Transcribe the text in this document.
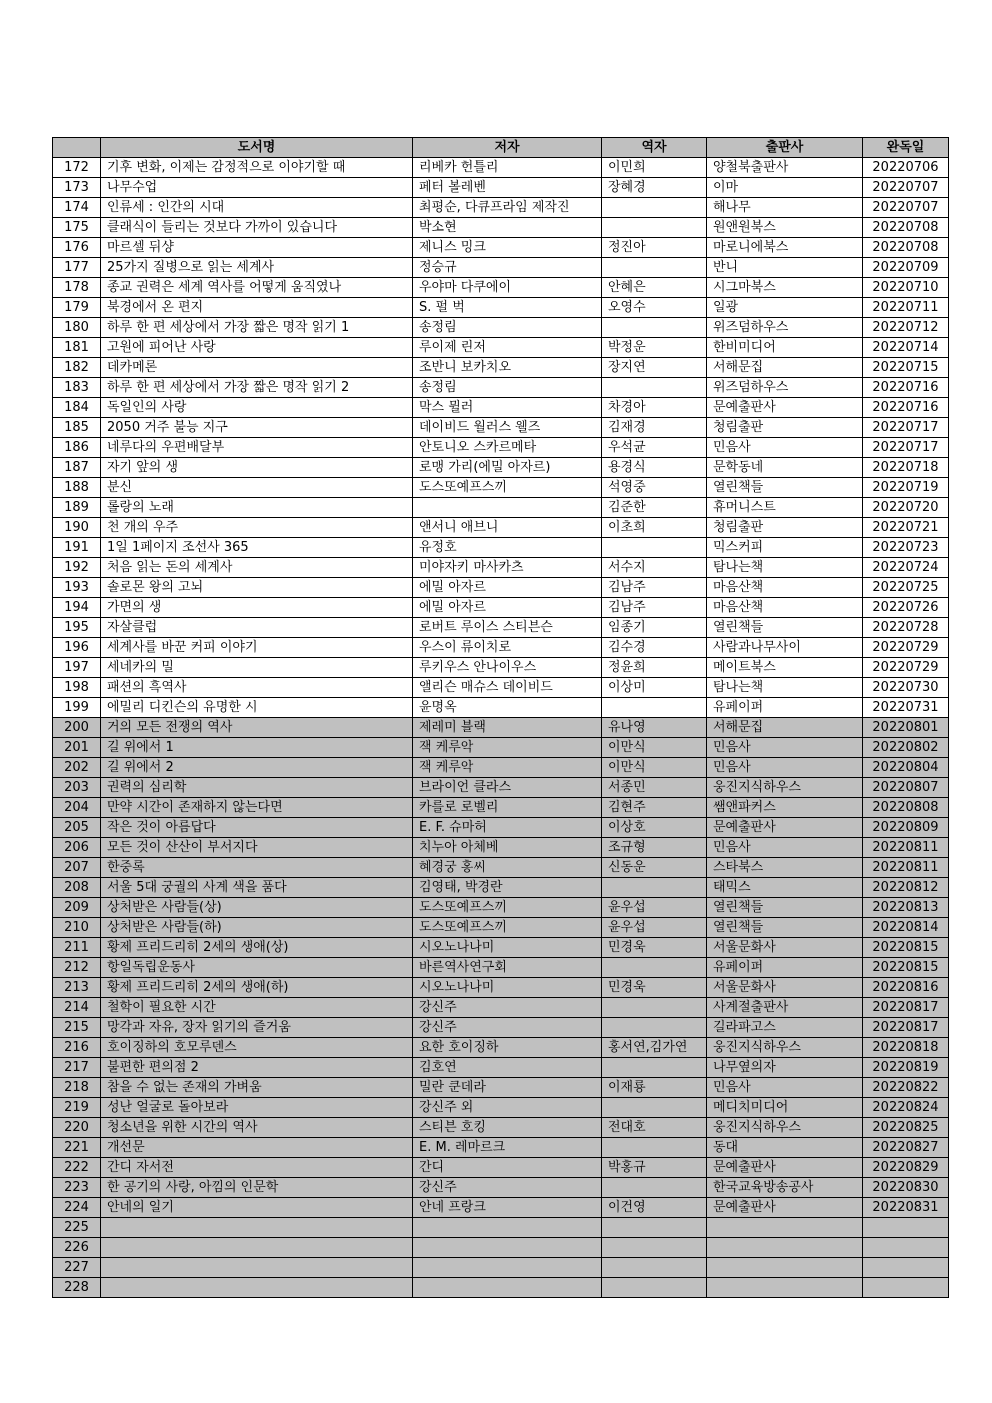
	도서명	저자	역자	출판사	완독일
172	기후 변화, 이제는 감정적으로 이야기할 때	리베카 헌틀리	이민희	양철북출판사	20220706
173	나무수업	페터 볼레벤	장혜경	이마	20220707
174	인류세 : 인간의 시대	최평순, 다큐프라임 제작진		해나무	20220707
175	클래식이 들리는 것보다 가까이 있습니다	박소현		원앤원북스	20220708
176	마르셀 뒤샹	제니스 밍크	정진아	마로니에북스	20220708
177	25가지 질병으로 읽는 세계사	정승규		반니	20220709
178	종교 권력은 세계 역사를 어떻게 움직였나	우야마 다쿠에이	안혜은	시그마북스	20220710
179	북경에서 온 편지	S. 펄 벅	오영수	일광	20220711
180	하루 한 편 세상에서 가장 짧은 명작 읽기 1	송정림		위즈덤하우스	20220712
181	고원에 피어난 사랑	루이제 린저	박정운	한비미디어	20220714
182	데카메론	조반니 보카치오	장지연	서해문집	20220715
183	하루 한 편 세상에서 가장 짧은 명작 읽기 2	송정림		위즈덤하우스	20220716
184	독일인의 사랑	막스 뮐러	차경아	문예출판사	20220716
185	2050 거주 불능 지구	데이비드 월러스 웰즈	김재경	청림출판	20220717
186	네루다의 우편배달부	안토니오 스카르메타	우석균	민음사	20220717
187	자기 앞의 생	로맹 가리(에밀 아자르)	용경식	문학동네	20220718
188	분신	도스또예프스끼	석영중	열린책들	20220719
189	롤랑의 노래		김준한	휴머니스트	20220720
190	천 개의 우주	앤서니 애브니	이초희	청림출판	20220721
191	1일 1페이지 조선사 365	유정호		믹스커피	20220723
192	처음 읽는 돈의 세계사	미야자키 마사카츠	서수지	탐나는책	20220724
193	솔로몬 왕의 고뇌	에밀 아자르	김남주	마음산책	20220725
194	가면의 생	에밀 아자르	김남주	마음산책	20220726
195	자살클럽	로버트 루이스 스티븐슨	임종기	열린책들	20220728
196	세계사를 바꾼 커피 이야기	우스이 류이치로	김수경	사람과나무사이	20220729
197	세네카의 밀	루키우스 안나이우스	정윤희	메이트북스	20220729
198	패션의 흑역사	앨리슨 매슈스 데이비드	이상미	탐나는책	20220730
199	에밀리 디킨슨의 유명한 시	윤명옥		유페이퍼	20220731
200	거의 모든 전쟁의 역사	제레미 블랙	유나영	서해문집	20220801
201	길 위에서 1	잭 케루악	이만식	민음사	20220802
202	길 위에서 2	잭 케루악	이만식	민음사	20220804
203	권력의 심리학	브라이언 클라스	서종민	웅진지식하우스	20220807
204	만약 시간이 존재하지 않는다면	카를로 로벨리	김현주	쌤앤파커스	20220808
205	작은 것이 아름답다	E. F. 슈마허	이상호	문예출판사	20220809
206	모든 것이 산산이 부서지다	치누아 아체베	조규형	민음사	20220811
207	한중록	혜경궁 홍씨	신동운	스타북스	20220811
208	서울 5대 궁궐의 사계 색을 품다	김영태, 박경란		태믹스	20220812
209	상처받은 사람들(상)	도스또예프스끼	윤우섭	열린책들	20220813
210	상처받은 사람들(하)	도스또예프스끼	윤우섭	열린책들	20220814
211	황제 프리드리히 2세의 생애(상)	시오노나나미	민경욱	서울문화사	20220815
212	항일독립운동사	바른역사연구회		유페이퍼	20220815
213	황제 프리드리히 2세의 생애(하)	시오노나나미	민경욱	서울문화사	20220816
214	철학이 필요한 시간	강신주		사계절출판사	20220817
215	망각과 자유, 장자 읽기의 즐거움	강신주		길라파고스	20220817
216	호이징하의 호모루덴스	요한 호이징하	홍서연,김가연	웅진지식하우스	20220818
217	불편한 편의점 2	김호연		나무옆의자	20220819
218	참을 수 없는 존재의 가벼움	밀란 쿤데라	이재룡	민음사	20220822
219	성난 얼굴로 돌아보라	강신주 외		메디치미디어	20220824
220	청소년을 위한 시간의 역사	스티븐 호킹	전대호	웅진지식하우스	20220825
221	개선문	E. M. 레마르크		동대	20220827
222	간디 자서전	간디	박홍규	문예출판사	20220829
223	한 공기의 사랑, 아낌의 인문학	강신주		한국교육방송공사	20220830
224	안네의 일기	안네 프랑크	이건영	문예출판사	20220831
225					
226					
227					
228					
